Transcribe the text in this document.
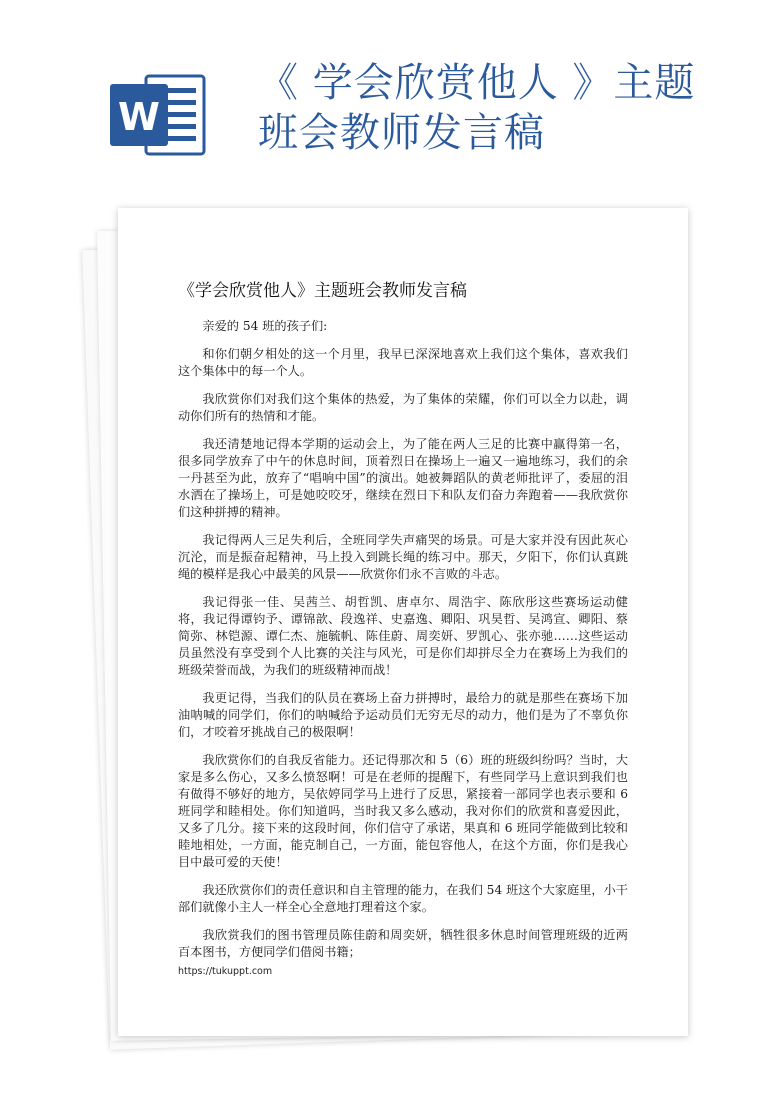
W
《 学会欣赏他人 》主题
班会教师发言稿
《学会欣赏他人》主题班会教师发言稿

亲爱的 54 班的孩子们:

和你们朝夕相处的这一个月里，我早已深深地喜欢上我们这个集体，喜欢我们这个集体中的每一个人。

我欣赏你们对我们这个集体的热爱，为了集体的荣耀，你们可以全力以赴，调动你们所有的热情和才能。

我还清楚地记得本学期的运动会上，为了能在两人三足的比赛中赢得第一名，很多同学放弃了中午的休息时间，顶着烈日在操场上一遍又一遍地练习，我们的余一丹甚至为此，放弃了“唱响中国”的演出。她被舞蹈队的黄老师批评了，委屈的泪水洒在了操场上，可是她咬咬牙，继续在烈日下和队友们奋力奔跑着——我欣赏你们这种拼搏的精神。

我记得两人三足失利后，全班同学失声痛哭的场景。可是大家并没有因此灰心沉沦，而是振奋起精神，马上投入到跳长绳的练习中。那天，夕阳下，你们认真跳绳的模样是我心中最美的风景——欣赏你们永不言败的斗志。

我记得张一佳、吴茜兰、胡哲凯、唐卓尔、周浩宇、陈欣彤这些赛场运动健将，我记得谭钧予、谭锦歆、段逸祥、史嘉逸、卿阳、巩昊哲、吴鸿宣、卿阳、蔡简弥、林铠源、谭仁杰、施毓帆、陈佳蔚、周奕妍、罗凯心、张亦驰……这些运动员虽然没有享受到个人比赛的关注与风光，可是你们却拼尽全力在赛场上为我们的班级荣誉而战，为我们的班级精神而战！

我更记得，当我们的队员在赛场上奋力拼搏时，最给力的就是那些在赛场下加油呐喊的同学们，你们的呐喊给予运动员们无穷无尽的动力，他们是为了不辜负你们，才咬着牙挑战自己的极限啊！

我欣赏你们的自我反省能力。还记得那次和 5（6）班的班级纠纷吗？当时，大家是多么伤心，又多么愤怒啊！可是在老师的提醒下，有些同学马上意识到我们也有做得不够好的地方，吴依婷同学马上进行了反思，紧接着一部同学也表示要和 6 班同学和睦相处。你们知道吗，当时我又多么感动，我对你们的欣赏和喜爱因此，又多了几分。接下来的这段时间，你们信守了承诺，果真和 6 班同学能做到比较和睦地相处，一方面，能克制自己，一方面，能包容他人，在这个方面，你们是我心目中最可爱的天使！

我还欣赏你们的责任意识和自主管理的能力，在我们 54 班这个大家庭里，小干部们就像小主人一样全心全意地打理着这个家。

我欣赏我们的图书管理员陈佳蔚和周奕妍，牺牲很多休息时间管理班级的近两百本图书，方便同学们借阅书籍；

https://tukuppt.com
